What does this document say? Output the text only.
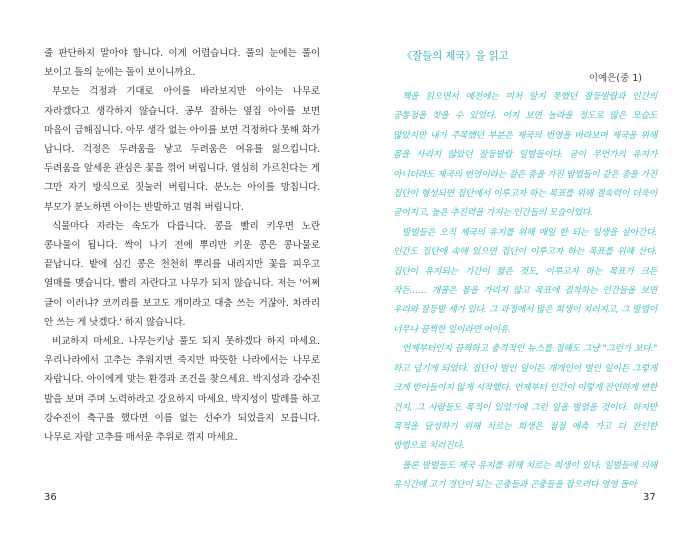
줄 판단하지 말아야 합니다. 이게 어렵습니다. 풀의 눈에는 풀이 보이고 돌의 눈에는 돌이 보이니까요.

부모는 걱정과 기대로 아이를 바라보지만 아이는 나무로 자라겠다고 생각하지 않습니다. 공부 잘하는 옆집 아이를 보면 마음이 급해집니다. 아무 생각 없는 아이를 보면 걱정하다 못해 화가 납니다. 걱정은 두려움을 낳고 두려움은 여유를 잃으킵니다. 두려움을 앞세운 관심은 꽃을 꺾어 버립니다. 열심히 가르친다는 게 그만 자기 방식으로 짓눌러 버립니다. 분노는 아이를 망칩니다. 부모가 분노하면 아이는 반발하고 멈춰 버립니다.

식물마다 자라는 속도가 다릅니다. 콩을 빨리 키우면 노란 콩나물이 됩니다. 싹이 나기 전에 뿌리만 키운 콩은 콩나물로 끝납니다. 밭에 심긴 콩은 천천히 뿌리를 내리지만 꽃을 피우고 열매를 맺습니다. 빨리 자란다고 나무가 되지 않습니다. 저는 '어쩌 글이 이러냐? 코끼리를 보고도 개미라고 대충 쓰는 거잖아. 차라리 안 쓰는 게 낫겠다.' 하지 않습니다.

비교하지 마세요. 나무는키낭 풀도 되지 못하겠다 하지 마세요. 우리나라에서 고추는 추워지면 죽지만 따뜻한 나라에서는 나무로 자랍니다. 아이에게 맞는 환경과 조건을 찾으세요. 박지성과 강수진 발을 보며 주며 노력하라고 강요하지 마세요. 박지성이 발레를 하고 강수진이 축구를 했다면 이름 없는 선수가 되었을지 모릅니다. 나무로 자랄 고추를 매서운 추위로 꺾지 마세요.

36
《잘들의 제국》을 읽고
이예은(중 1)

책을 읽으면서 예전에는 미처 알지 못했던 잘등발랍과 인간의 공통점을 찾을 수 있었다. 어지 보면 놀라울 정도로 많은 모습도 많았지만 내가 주목했던 부분은 제국의 번영을 바라보며 제국을 위해 몸을 사리지 않았던 잘등발랍 일벌들이다. 굳이 무언가의 유지가 아니더라도 제국의 번영이라는 같은 종을 가진 밤법들이 같은 종을 가진 집단이 형성되면 집단에서 이루고자 하는 목표를 위해 결속력이 더욱이 굳어지고, 높은 추진력을 가지는 인간들의 모습이었다.

발벌들은 오직 제국의 유지를 위해 매일 한 되는 일생을 살아간다. 인간도 집단에 속해 있으면 집단이 이루고자 하는 목표를 위해 산다. 집단이 유지되는 기간이 짧은 것도, 이루고자 하는 목표가 크든 작든…… 개골은 몸을 가리지 않고 목표에 집착하는 인간들을 보면 우리와 잘등발 세가 있다. 그 과정에서 많은 희생이 치러지고, 그 발법이 너무나 끔찍한 일이라면 어이유.

언제부터인지 끔찍하고 충격적인 뉴스를 접해도 그냥 "그런가 보다." 하고 넘기게 되었다. 집단이 벌인 일이든 개개인이 벌인 일이든 그렇게 크게 받아들이지 않게 시작했다. 언제부터 인간이 이렇게 잔인하게 변한 건지, 그 사람들도 목적이 있었기에 그런 일을 벌였을 것이다. 하지만 목적을 달성하기 위해 치르는 희생은 점점 예측 가고 더 잔인한 방법으로 치러진다.

물론 발벌들도 제국 유지를 위해 치르는 희생이 있다. 일벌들에 의해 유식간에 고기 경단이 되는 곤충들과 곤충들을 잡으려다 영영 돌아

37
